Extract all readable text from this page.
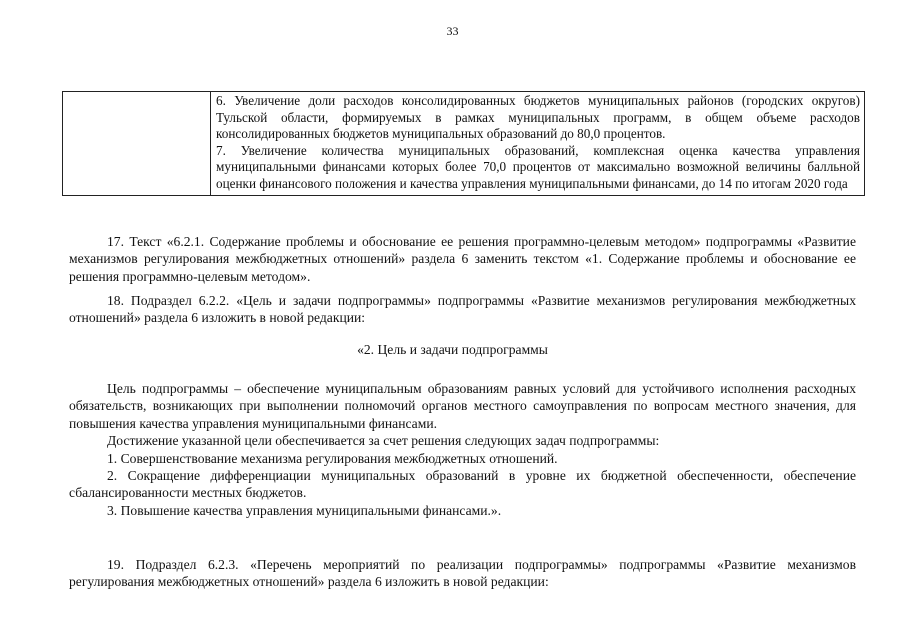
33

6. Увеличение доли расходов консолидированных бюджетов муниципальных районов (городских округов) Тульской области, формируемых в рамках муниципальных программ, в общем объеме расходов консолидированных бюджетов муниципальных образований до 80,0 процентов.
7. Увеличение количества муниципальных образований, комплексная оценка качества управления муниципальными финансами которых более 70,0 процентов от максимально возможной величины балльной оценки финансового положения и качества управления муниципальными финансами, до 14 по итогам 2020 года

17. Текст «6.2.1. Содержание проблемы и обоснование ее решения программно-целевым методом» подпрограммы «Развитие механизмов регулирования межбюджетных отношений» раздела 6 заменить текстом «1. Содержание проблемы и обоснование ее решения программно-целевым методом».

18. Подраздел 6.2.2. «Цель и задачи подпрограммы» подпрограммы «Развитие механизмов регулирования межбюджетных отношений» раздела 6 изложить в новой редакции:

«2. Цель и задачи подпрограммы

Цель подпрограммы – обеспечение муниципальным образованиям равных условий для устойчивого исполнения расходных обязательств, возникающих при выполнении полномочий органов местного самоуправления по вопросам местного значения, для повышения качества управления муниципальными финансами.

Достижение указанной цели обеспечивается за счет решения следующих задач подпрограммы:

1. Совершенствование механизма регулирования межбюджетных отношений.

2. Сокращение дифференциации муниципальных образований в уровне их бюджетной обеспеченности, обеспечение сбалансированности местных бюджетов.

3. Повышение качества управления муниципальными финансами.».

19. Подраздел 6.2.3. «Перечень мероприятий по реализации подпрограммы» подпрограммы «Развитие механизмов регулирования межбюджетных отношений» раздела 6 изложить в новой редакции:
